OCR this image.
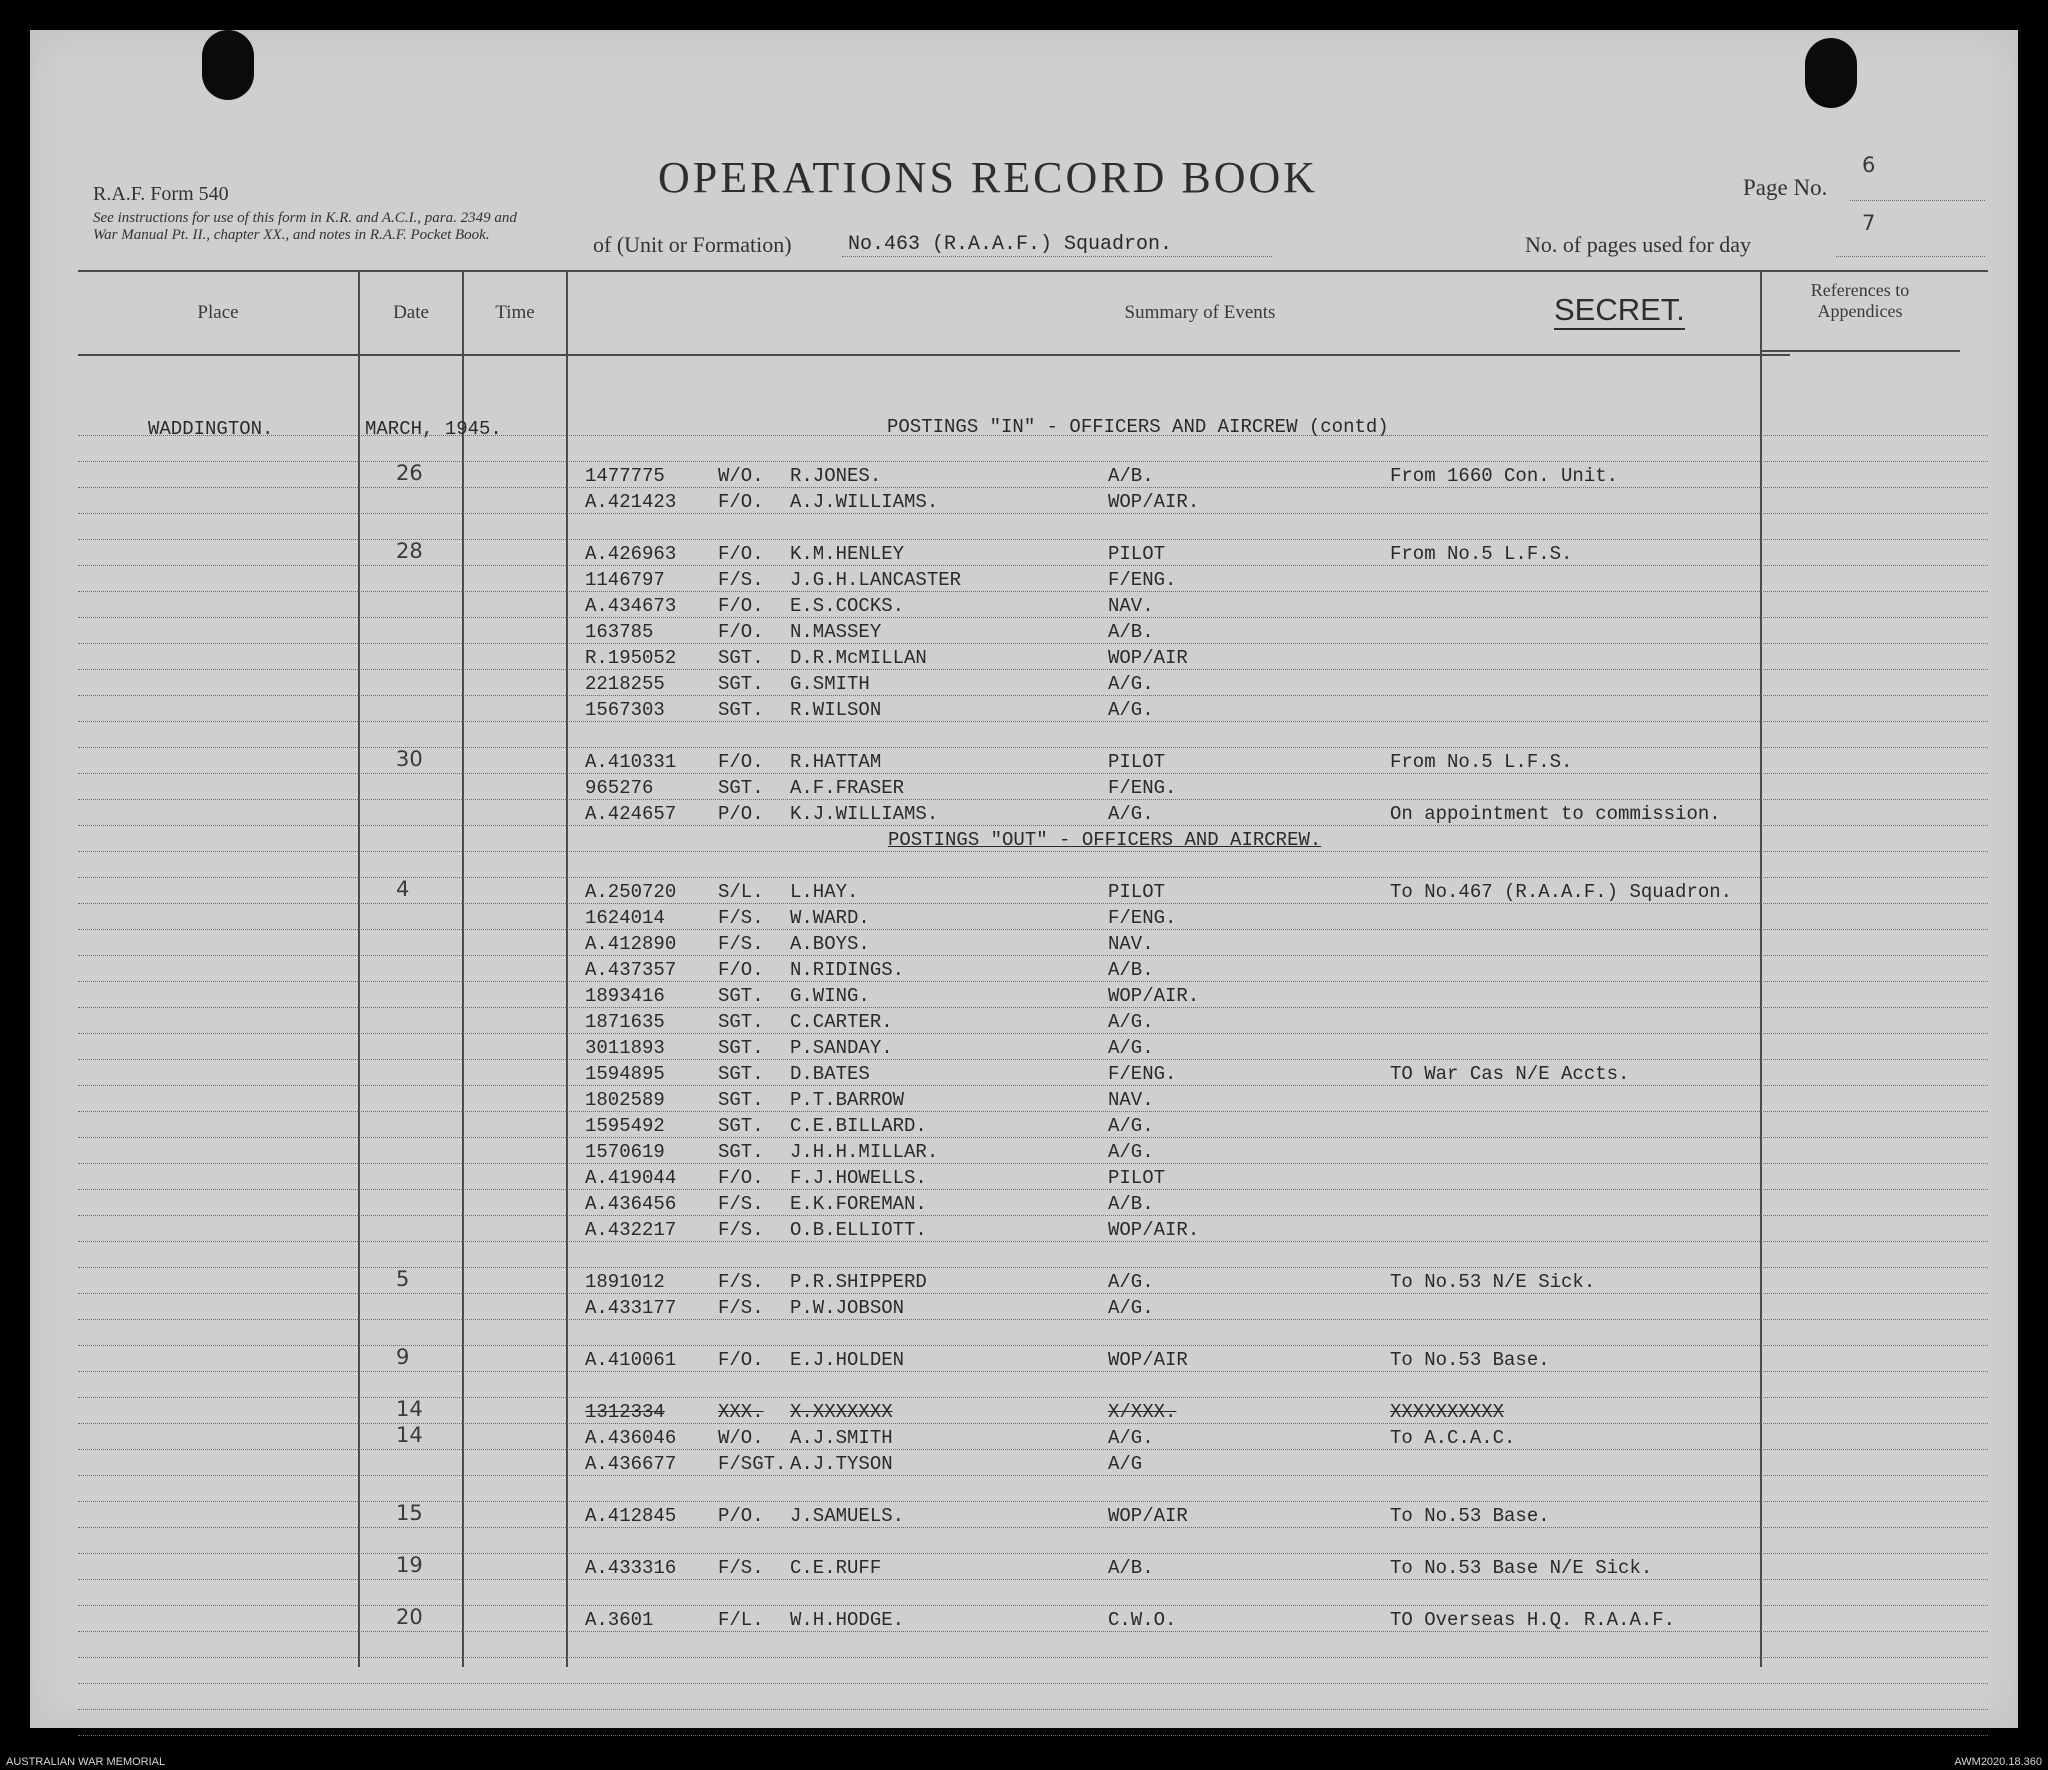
R.A.F. Form 540
See instructions for use of this form in K.R. and A.C.I., para. 2349 and War Manual Pt. II., chapter XX., and notes in R.A.F. Pocket Book.
OPERATIONS RECORD BOOK	Page No.
6
of (Unit or Formation)	No.463 (R.A.A.F.) Squadron.	No. of pages used for day
7
Place	Date	Time	Summary of Events	SECRET.
References to Appendices
WADDINGTON.	MARCH, 1945.	POSTINGS "IN" - OFFICERS AND AIRCREW (contd)
POSTINGS "OUT" - OFFICERS AND AIRCREW.
26	1477775	W/O. R.JONES.	A/B.	From 1660 Con. Unit.
A.421423 F/O. A.J.WILLIAMS.	WOP/AIR.
28	A.426963 F/O. K.M.HENLEY	PILOT	From No.5 L.F.S.
1146797	F/S. J.G.H.LANCASTER	F/ENG.
A.434673 F/O. E.S.COCKS.	NAV.
163785	F/O. N.MASSEY	A/B.
R.195052 SGT. D.R.McMILLAN	WOP/AIR
2218255	SGT. G.SMITH	A/G.
1567303	SGT. R.WILSON	A/G.
30	A.410331 F/O. R.HATTAM	PILOT	From No.5 L.F.S.
965276	SGT. A.F.FRASER	F/ENG.
A.424657 P/O. K.J.WILLIAMS.	A/G.	On appointment to commission.
4	A.250720 S/L. L.HAY.	PILOT	To No.467 (R.A.A.F.) Squadron.
1624014	F/S. W.WARD.	F/ENG.
A.412890 F/S. A.BOYS.	NAV.
A.437357 F/O. N.RIDINGS.	A/B.
1893416	SGT. G.WING.	WOP/AIR.
1871635	SGT. C.CARTER.	A/G.
3011893	SGT. P.SANDAY.	A/G.
1594895	SGT. D.BATES	F/ENG.	TO War Cas N/E Accts.
1802589	SGT. P.T.BARROW	NAV.
1595492	SGT. C.E.BILLARD.	A/G.
1570619	SGT. J.H.H.MILLAR.	A/G.
A.419044 F/O. F.J.HOWELLS.	PILOT
A.436456 F/S. E.K.FOREMAN.	A/B.
A.432217 F/S. O.B.ELLIOTT.	WOP/AIR.
5	1891012	F/S. P.R.SHIPPERD	A/G.	To No.53 N/E Sick.
A.433177 F/S. P.W.JOBSON	A/G.
9	A.410061 F/O. E.J.HOLDEN	WOP/AIR	To No.53 Base.
14	1312334	XXX. X.XXXXXXX	X/XXX.	XXXXXXXXXX
14	A.436046 W/O. A.J.SMITH	A/G.	To A.C.A.C.
A.436677 F/SGT. A.J.TYSON	A/G
15	A.412845 P/O. J.SAMUELS.	WOP/AIR	To No.53 Base.
19	A.433316 F/S. C.E.RUFF	A/B.	To No.53 Base N/E Sick.
20	A.3601	F/L. W.H.HODGE.	C.W.O.	TO Overseas H.Q. R.A.A.F.
AUSTRALIAN WAR MEMORIAL	AWM2020.18.360
